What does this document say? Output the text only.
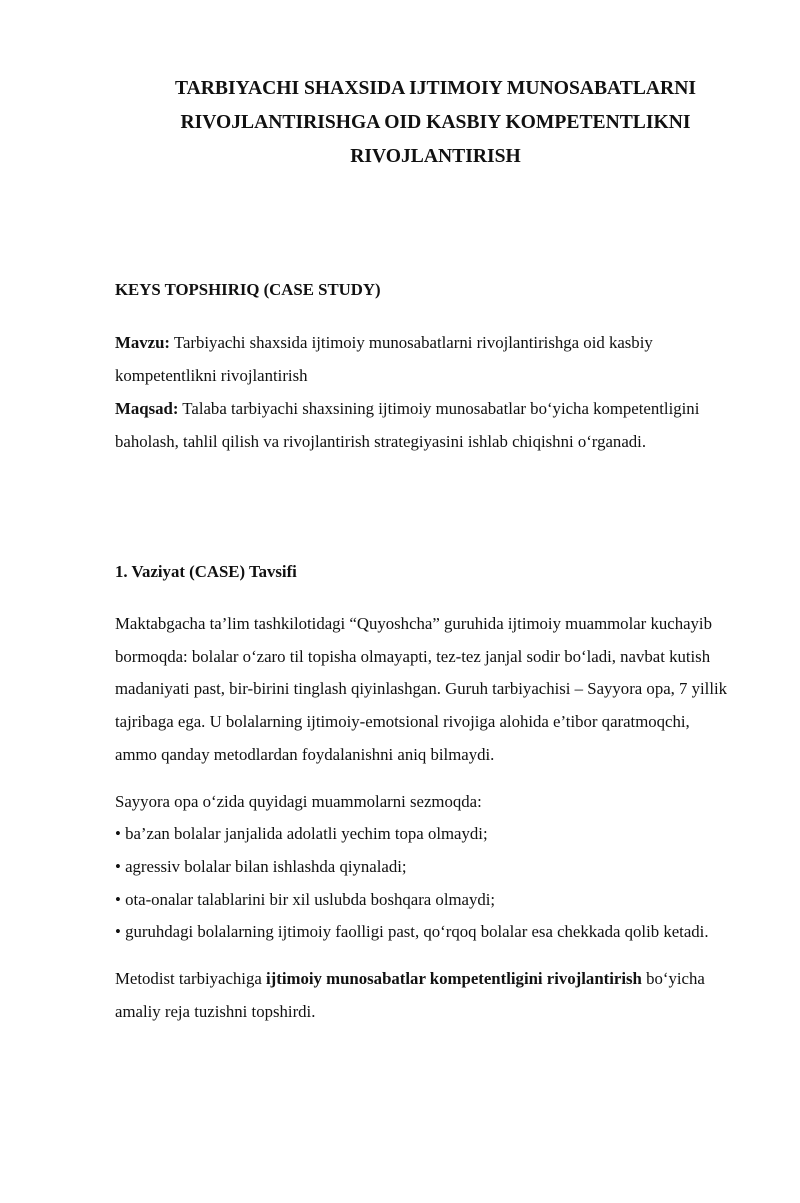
TARBIYACHI SHAXSIDA IJTIMOIY MUNOSABATLARNI
RIVOJLANTIRISHGA OID KASBIY KOMPETENTLIKNI
RIVOJLANTIRISH
KEYS TOPSHIRIQ (CASE STUDY)

Mavzu: Tarbiyachi shaxsida ijtimoiy munosabatlarni rivojlantirishga oid kasbiy kompetentlikni rivojlantirish

Maqsad: Talaba tarbiyachi shaxsining ijtimoiy munosabatlar bo‘yicha kompetentligini baholash, tahlil qilish va rivojlantirish strategiyasini ishlab chiqishni o‘rganadi.

1. Vaziyat (CASE) Tavsifi

Maktabgacha ta’lim tashkilotidagi “Quyoshcha” guruhida ijtimoiy muammolar kuchayib bormoqda: bolalar o‘zaro til topisha olmayapti, tez-tez janjal sodir bo‘ladi, navbat kutish madaniyati past, bir-birini tinglash qiyinlashgan. Guruh tarbiyachisi – Sayyora opa, 7 yillik tajribaga ega. U bolalarning ijtimoiy-emotsional rivojiga alohida e’tibor qaratmoqchi, ammo qanday metodlardan foydalanishni aniq bilmaydi.

Sayyora opa o‘zida quyidagi muammolarni sezmoqda:

• ba’zan bolalar janjalida adolatli yechim topa olmaydi;
• agressiv bolalar bilan ishlashda qiynaladi;
• ota-onalar talablarini bir xil uslubda boshqara olmaydi;
• guruhdagi bolalarning ijtimoiy faolligi past, qo‘rqoq bolalar esa chekkada qolib ketadi.

Metodist tarbiyachiga ijtimoiy munosabatlar kompetentligini rivojlantirish bo‘yicha amaliy reja tuzishni topshirdi.
